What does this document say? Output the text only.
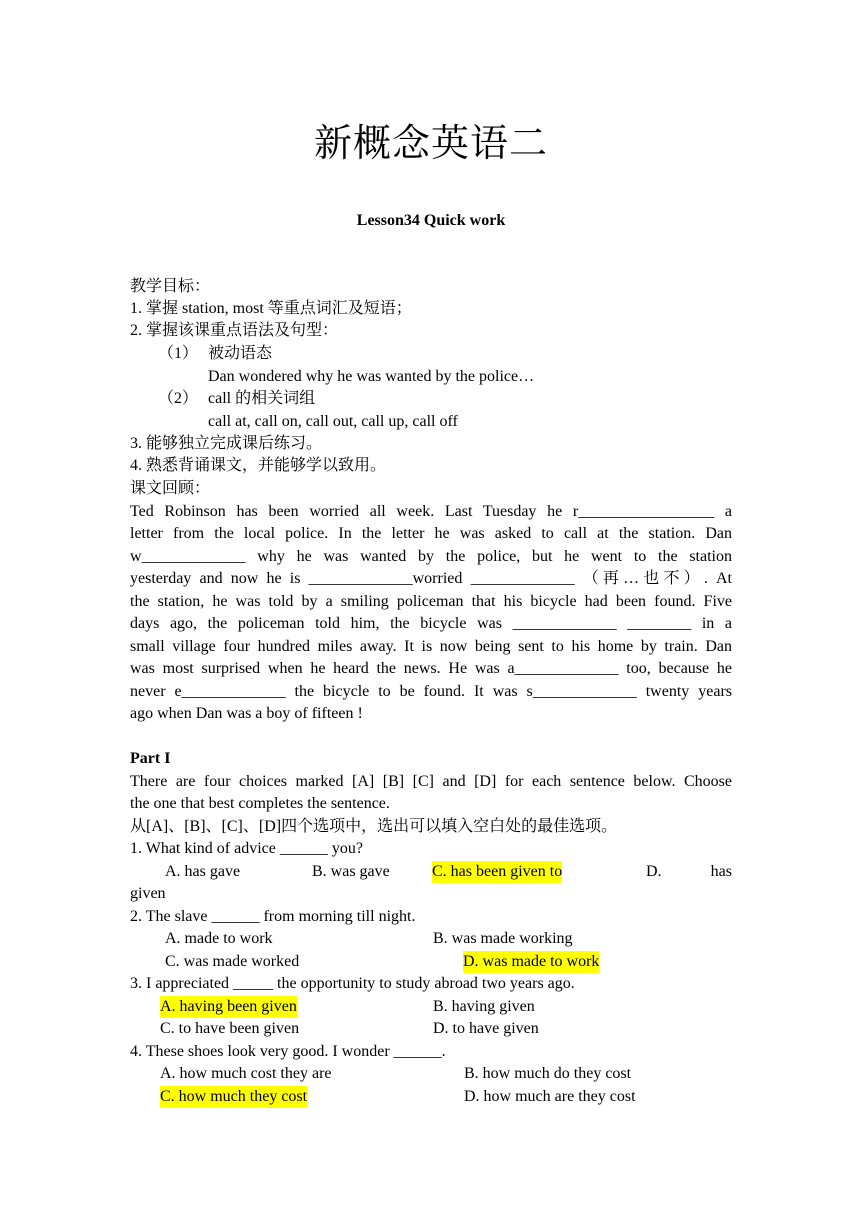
新概念英语二
Lesson34 Quick work
教学目标：
1. 掌握 station, most 等重点词汇及短语；
2. 掌握该课重点语法及句型：
（1） 被动语态
Dan wondered why he was wanted by the police…
（2） call 的相关词组
call at, call on, call out, call up, call off
3. 能够独立完成课后练习。
4. 熟悉背诵课文，并能够学以致用。
课文回顾：
Ted Robinson has been worried all week. Last Tuesday he r_________________ a
letter from the local police. In the letter he was asked to call at the station. Dan
w_____________ why he was wanted by the police, but he went to the station
yesterday and now he is _____________worried _____________ （再…也不）. At
the station, he was told by a smiling policeman that his bicycle had been found. Five
days ago, the policeman told him, the bicycle was _____________ ________ in a
small village four hundred miles away. It is now being sent to his home by train. Dan
was most surprised when he heard the news. He was a_____________ too, because he
never e_____________ the bicycle to be found. It was s_____________ twenty years
ago when Dan was a boy of fifteen !
Part I
There are four choices marked [A] [B] [C] and [D] for each sentence below. Choose
the one that best completes the sentence.
从[A]、[B]、[C]、[D]四个选项中，选出可以填入空白处的最佳选项。
1. What kind of advice ______ you?
A. has gave	B. was gave	C. has been given to	D.	has
given
2. The slave ______ from morning till night.
A. made to work	B. was made working
C. was made worked	D. was made to work
3. I appreciated _____ the opportunity to study abroad two years ago.
A. having been given	B. having given
C. to have been given	D. to have given
4. These shoes look very good. I wonder ______.
A. how much cost they are	B. how much do they cost
C. how much they cost	D. how much are they cost
